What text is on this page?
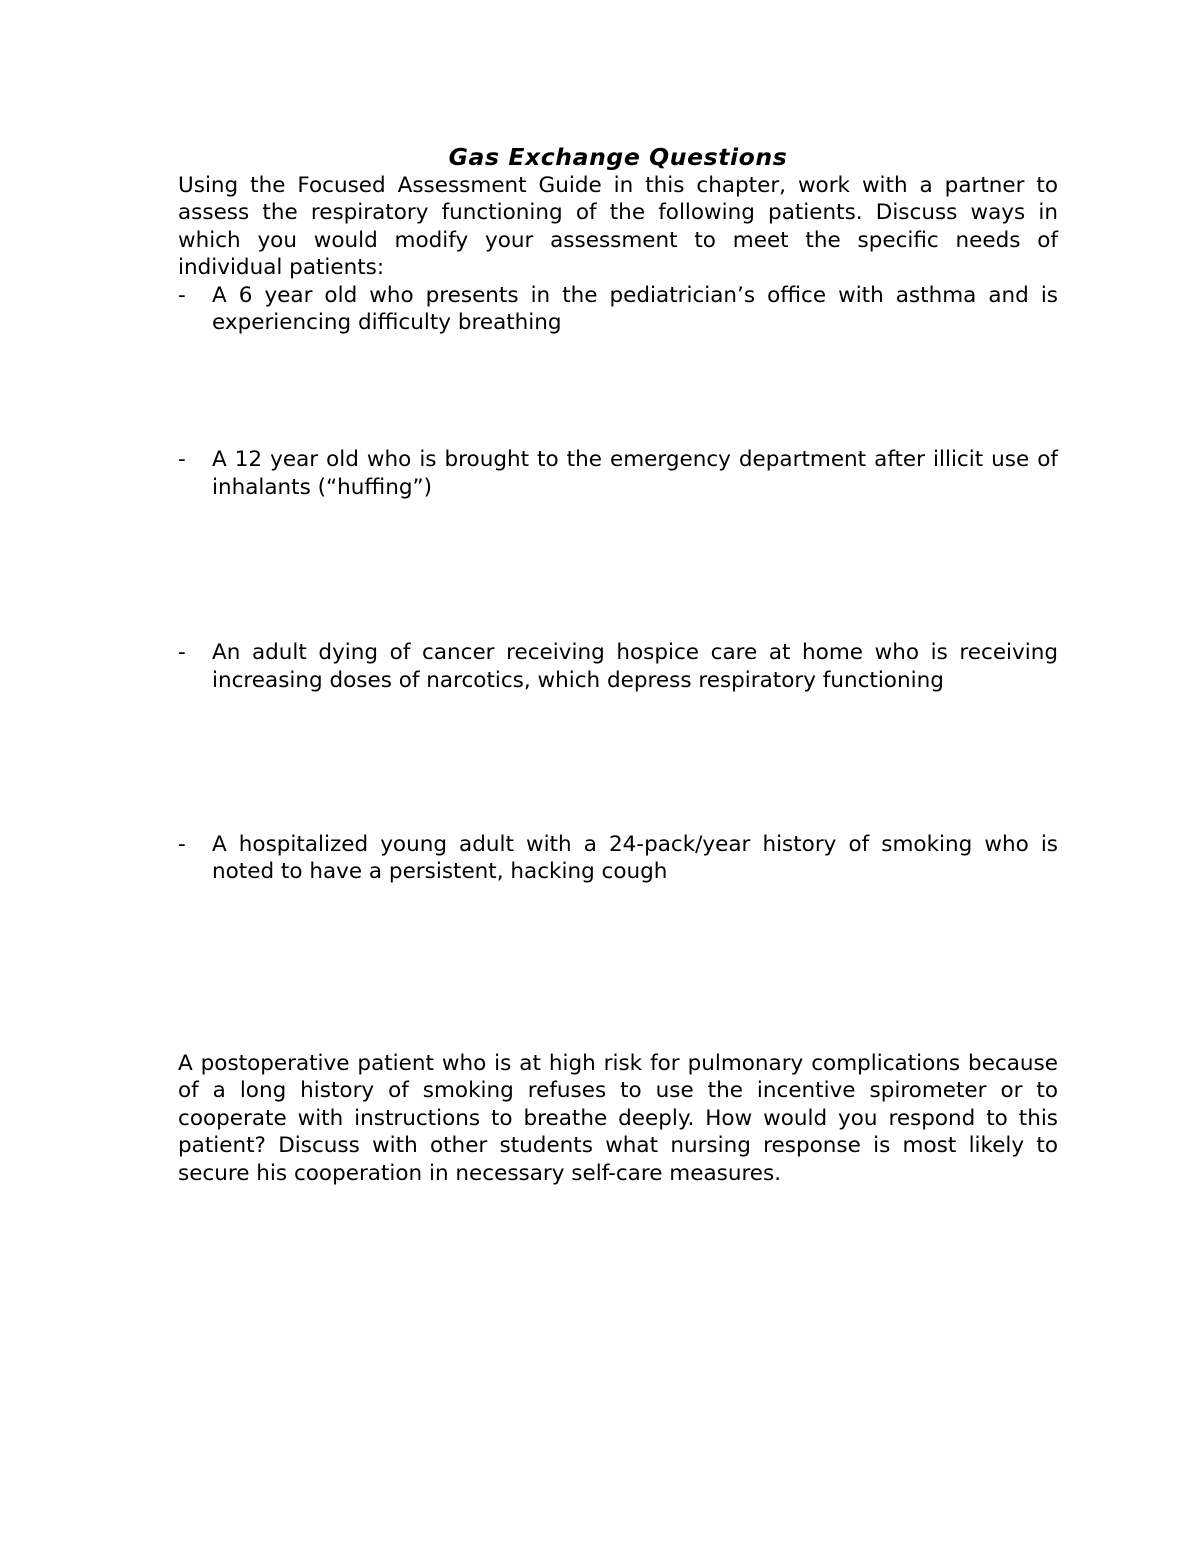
Gas Exchange Questions

Using the Focused Assessment Guide in this chapter, work with a partner to assess the respiratory functioning of the following patients. Discuss ways in which you would modify your assessment to meet the specific needs of individual patients:

- A 6 year old who presents in the pediatrician’s office with asthma and is experiencing difficulty breathing
- A 12 year old who is brought to the emergency department after illicit use of inhalants (“huffing”)
- An adult dying of cancer receiving hospice care at home who is receiving increasing doses of narcotics, which depress respiratory functioning
- A hospitalized young adult with a 24-pack/year history of smoking who is noted to have a persistent, hacking cough

A postoperative patient who is at high risk for pulmonary complications because of a long history of smoking refuses to use the incentive spirometer or to cooperate with instructions to breathe deeply. How would you respond to this patient? Discuss with other students what nursing response is most likely to secure his cooperation in necessary self-care measures.
